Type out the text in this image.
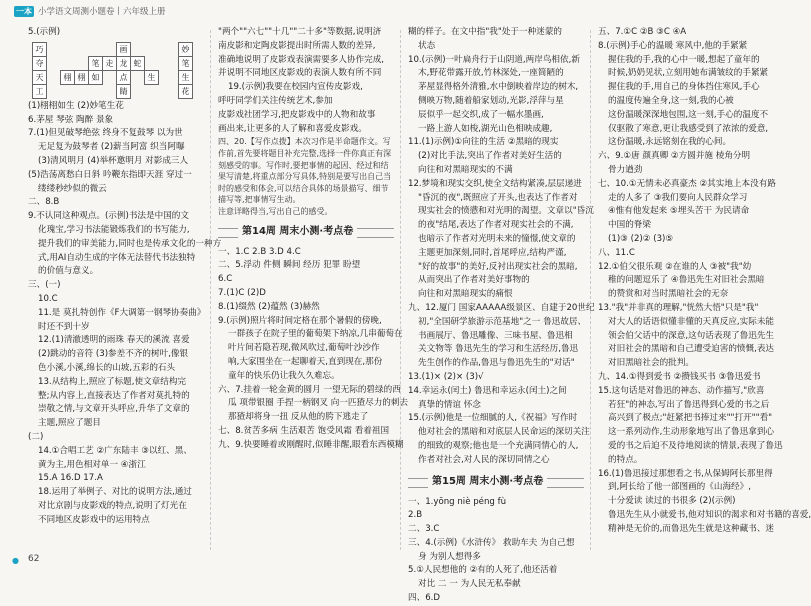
一本 小学语文周测小题卷丨六年级上册
5.(示例)
巧
夺
天
工
笔 走 龙 蛇
妙
笔
生
花
画
点
睛
栩 栩 如	生
(1)栩栩如生 (2)妙笔生花
6.茅屋 琴弦 陶醉 景象
7.(1)但见破琴绝弦 终身不复鼓琴 以为世
无足复为鼓琴者 (2)薪当阿富 织当阿曝
(3)清风明月 (4)举杯邀明月 对影成三人
(5)浩荡离愁白日斜 吟鞭东指即天涯 穿过一
缕缕秒纱似的微云
二、8.B
9.不认同这种观点。(示例)书法是中国的文
化瑰宝,学习书法能锻炼我们的书写能力,
提升我们的审美能力,同时也是传承文化的一种方
式,用AI自动生成的字体无法替代书法独特
的价值与意义。
三、(一)
10.C
11.是 莫扎特创作《F大调第一钢琴协奏曲》
时还不到十岁
12.(1)清澈透明的雨珠 春天的溪流 喜爱
(2)跳动的音符 (3)参差不齐的树叶,像银
色小溪,小溪,绵长的山坡,五彩的石头
13.从结构上,照应了标题,使文章结构完
整;从内容上,直接表达了作者对莫扎特的
崇敬之情,与文章开头呼应,升华了文章的
主题,照应了题目
(二)
14.①合唱工艺 ②广东陆丰 ③以红、黑、
黄为主,用色相对单一 ④浙江
15.A 16.D 17.A
18.运用了举例子、对比的说明方法,通过
对比京剧与皮影戏的特点,说明了灯光在
不同地区皮影戏中的运用特点
"两个""六七""十几""二十多"等数据,说明济
南皮影和定陶皮影提出时所需人数的差异,
准确地说明了皮影戏表演需要多人协作完成,
并说明不同地区皮影戏的表演人数有所不同
19.(示例)我要在校园内宣传皮影戏,
呼吁同学们关注传统艺术,参加
皮影戏社团学习,把皮影戏中的人物和故事
画出来,让更多的人了解和喜爱皮影戏。
四、20.【写作点拨】本次习作是半命题作文。写作前,首先要将题目补充完整,选择一件你真正有深刻感受的事。写作时,要把事情的起因、经过和结果写清楚,将重点部分写具体,特别是要写出自己当时的感受和体会,可以结合具体的场景描写、细节描写等,把事情写生动。
注意详略得当,写出自己的感受。
第14周 周末小测·考点卷
一、1.C 2.B 3.D 4.C
二、5.浮动 件侧 瞬间 经历 犯罪 盼望
6.C
7.(1)C (2)D
8.(1)缀然 (2)蕴然 (3)赫然
9.(示例)照片将时间定格在那个暑假的傍晚,
一群孩子在院子里的葡萄架下纳凉,几串葡萄在
叶片间若隐若现,微风吹过,葡萄叶沙沙作
响,大家围坐在一起聊着天,直到现在,那份
童年的快乐仍让我久久难忘。
六、7.挂着一轮金黄的圆月 一望无际的碧绿的西
瓜 项带银圈 手捏一柄钢叉 向一匹猹尽力的刺去
那猹却将身一扭 反从他的胯下逃走了
七、8.贫苦多病 生活艰苦 饱受风霜 看着祖国
九、9.快要睡着或刚醒时,似睡非醒,眼看东西模糊
糊的样子。在文中指"我"处于一种迷蒙的
状态
10.(示例)一叶扁舟行于山阴道,两岸鸟相依,新
木,野花带露开放,竹林深处,一座简陋的
茅屋显得格外清雅,水中倒映着岸边的树木,
侧映万物,随着船家划动,光影,浮萍与星
辰似乎一起交织,成了一幅水墨画,
一路上游人如梭,湖光山色相映成趣,
11.(1)示例)①向往的生活 ②黑暗的现实
(2)对比手法,突出了作者对美好生活的
向往和对黑暗现实的不满
12.梦境和现实交织,使全文结构紧凑,层层递进
"昏沉的夜",既照应了开头,也表达了作者对
现实社会的愤懑和对光明的渴望。文章以"昏沉
的夜"结尾,表达了作者对现实社会的不满,
也暗示了作者对光明未来的憧憬,使文章的
主题更加深刻,同时,首尾呼应,结构严谨,
"好的故事"的美好,反衬出现实社会的黑暗,
从而突出了作者对美好事物的
向往和对黑暗现实的痛恨
九、12.厦门 国家AAAAA级景区、自建于20世纪
初,"全国研学旅游示范基地"之一 鲁迅故居、
书画展厅、鲁迅雕像、三味书屋、鲁迅相
关文物等 鲁迅先生的学习和生活经历,鲁迅
先生创作的作品,鲁迅与鲁迅先生的"对话"
13.(1)× (2)× (3)√
14.幸运永(闰土) 鲁迅和幸运永(闰土)之间
真挚的情谊 怀念
15.(示例)他是一位细腻的人,《祝福》写作时
他对社会的黑暗和对底层人民命运的深切关注
的细致的观察;他也是一个充满同情心的人,
作者对社会,对人民的深切同情之心
第15周 周末小测·考点卷
一、1.yōng niè péng fù
2.B
二、3.C
三、4.(示例)《水浒传》 救助车夫 为自己想
身 为别人想得多
5.①人民想他的 ②有的人死了,他还活着
对比 二 一 为人民无私奉献
四、6.D
五、7.①C ②B ③C ④A
8.(示例)手心的温暖 寒风中,他的手紧紧
握住我的手,我的心中一暖,想起了童年的
时候,奶奶见状,立刻用她布满皱纹的手紧紧
握住我的手,用自己的身体挡住寒风,手心
的温度传遍全身,这一刻,我的心被
这份温暖深深地包围,这一刻,手心的温度不
仅驱散了寒意,更让我感受到了浓浓的爱意,
这份温暖,永远铭刻在我的心间。
六、9.①唐 颜真卿 ②方圆并施 棱角分明
骨力遒劲
七、10.①无情未必真豪杰 ②其实地上本没有路
走的人多了 ③我们要向人民群众学习
④惟有他发起来 ⑤埋头苦干 为民请命
中国的脊梁
(1)③ (2)② (3)⑤
八、11.C
12.①伯父很乐观 ②在谁的人 ③被"我"幼
稚的问题逗乐了 ④鲁迅先生对旧社会黑暗
的赞赏和对当时黑暗社会的无奈
13."我"并非真的理解,"恍然大悟"只是"我"
对大人的话语似懂非懂的天真反应,实际未能
领会伯父话中的深意,这句话表现了鲁迅先生
对旧社会的黑暗和自己遭受迫害的愤慨,表达
对旧黑暗社会的批判。
九、14.①得到爱书 ②攒钱买书 ③鲁迅爱书
15.这句话是对鲁迅的神态、动作描写,"欣喜
若狂"的神态,写出了鲁迅得到心爱的书之后
高兴到了极点;"赶紧把书捧过来""打开""看"
这一系列动作,生动形象地写出了鲁迅拿到心
爱的书之后迫不及待地阅读的情景,表现了鲁迅
的特点。
16.(1)鲁迅接过那想看之书,从保姆阿长那里得
到,阿长给了他一部图画的《山海经》,
十分爱读 读过的书很多 (2)(示例)
鲁迅先生从小就爱书,他对知识的渴求和对书籍的喜爱,
精神是无价的,而鲁迅先生就是这种藏书、迷
● 62
